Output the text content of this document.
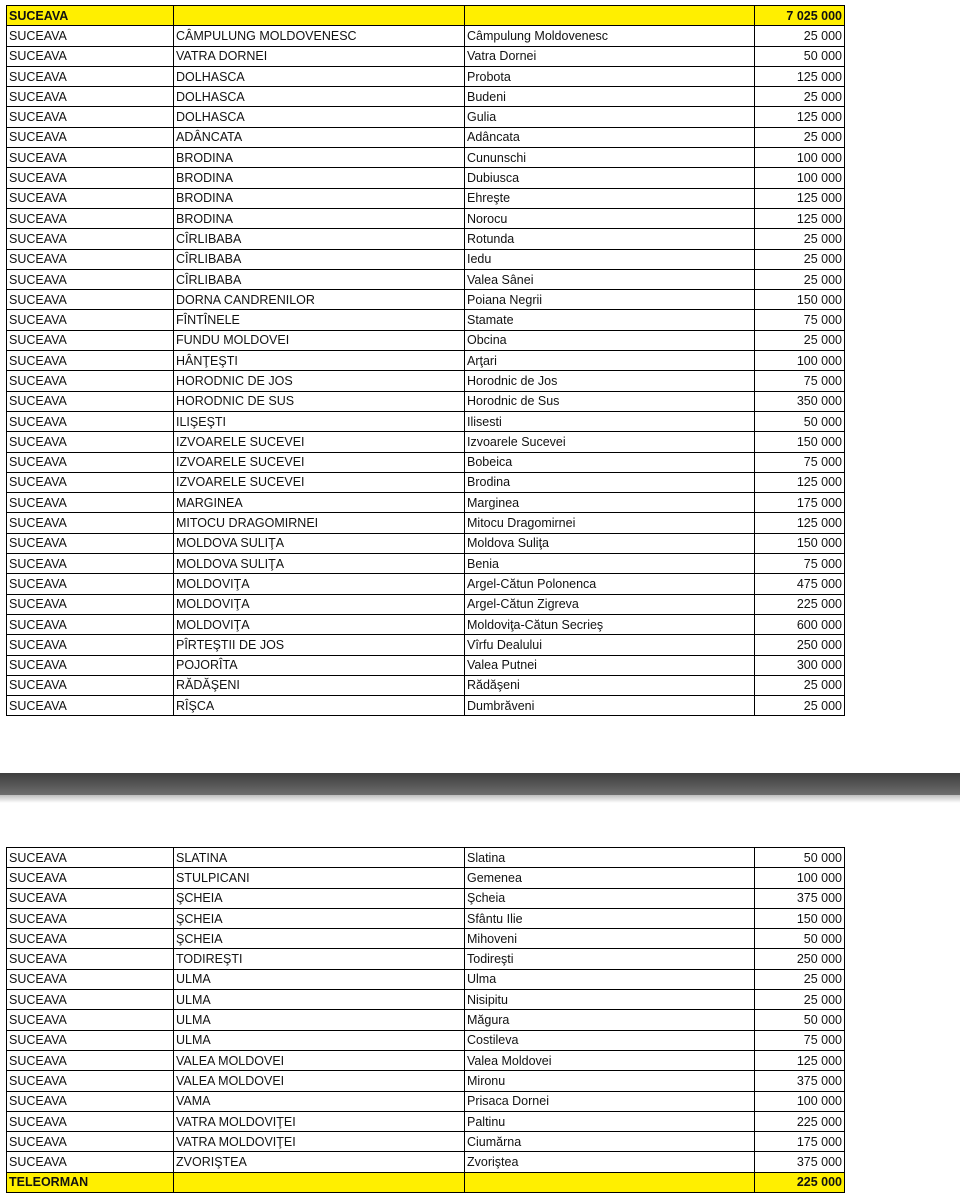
SUCEAVA				7 025 000
SUCEAVA	CÂMPULUNG MOLDOVENESC	Câmpulung Moldovenesc		25 000
SUCEAVA	VATRA DORNEI	Vatra Dornei		50 000
SUCEAVA	DOLHASCA	Probota		125 000
SUCEAVA	DOLHASCA	Budeni		25 000
SUCEAVA	DOLHASCA	Gulia		125 000
SUCEAVA	ADÂNCATA	Adâncata		25 000
SUCEAVA	BRODINA	Cununschi		100 000
SUCEAVA	BRODINA	Dubiusca		100 000
SUCEAVA	BRODINA	Ehreşte		125 000
SUCEAVA	BRODINA	Norocu		125 000
SUCEAVA	CÎRLIBABA	Rotunda		25 000
SUCEAVA	CÎRLIBABA	Iedu		25 000
SUCEAVA	CÎRLIBABA	Valea Sânei		25 000
SUCEAVA	DORNA CANDRENILOR	Poiana Negrii		150 000
SUCEAVA	FÎNTÎNELE	Stamate		75 000
SUCEAVA	FUNDU MOLDOVEI	Obcina		25 000
SUCEAVA	HÂNŢEŞTI	Arţari		100 000
SUCEAVA	HORODNIC DE JOS	Horodnic de Jos		75 000
SUCEAVA	HORODNIC DE SUS	Horodnic de Sus		350 000
SUCEAVA	ILIŞEŞTI	Ilisesti		50 000
SUCEAVA	IZVOARELE SUCEVEI	Izvoarele Sucevei		150 000
SUCEAVA	IZVOARELE SUCEVEI	Bobeica		75 000
SUCEAVA	IZVOARELE SUCEVEI	Brodina		125 000
SUCEAVA	MARGINEA	Marginea		175 000
SUCEAVA	MITOCU DRAGOMIRNEI	Mitocu Dragomirnei		125 000
SUCEAVA	MOLDOVA SULIŢA	Moldova Suliţa		150 000
SUCEAVA	MOLDOVA SULIŢA	Benia		75 000
SUCEAVA	MOLDOVIŢA	Argel-Cătun Polonenca		475 000
SUCEAVA	MOLDOVIŢA	Argel-Cătun Zigreva		225 000
SUCEAVA	MOLDOVIŢA	Moldoviţa-Cătun Secrieş		600 000
SUCEAVA	PÎRTEŞTII DE JOS	Vîrfu Dealului		250 000
SUCEAVA	POJORÎTA	Valea Putnei		300 000
SUCEAVA	RĂDĂŞENI	Rădăşeni		25 000
SUCEAVA	RÎŞCA	Dumbrăveni		25 000
SUCEAVA	SLATINA	Slatina		50 000
SUCEAVA	STULPICANI	Gemenea		100 000
SUCEAVA	ŞCHEIA	Şcheia		375 000
SUCEAVA	ŞCHEIA	Sfântu Ilie		150 000
SUCEAVA	ŞCHEIA	Mihoveni		50 000
SUCEAVA	TODIREŞTI	Todireşti		250 000
SUCEAVA	ULMA	Ulma		25 000
SUCEAVA	ULMA	Nisipitu		25 000
SUCEAVA	ULMA	Măgura		50 000
SUCEAVA	ULMA	Costileva		75 000
SUCEAVA	VALEA MOLDOVEI	Valea Moldovei		125 000
SUCEAVA	VALEA MOLDOVEI	Mironu		375 000
SUCEAVA	VAMA	Prisaca Dornei		100 000
SUCEAVA	VATRA MOLDOVIŢEI	Paltinu		225 000
SUCEAVA	VATRA MOLDOVIŢEI	Ciumărna		175 000
SUCEAVA	ZVORIŞTEA	Zvoriştea		375 000
TELEORMAN				225 000
